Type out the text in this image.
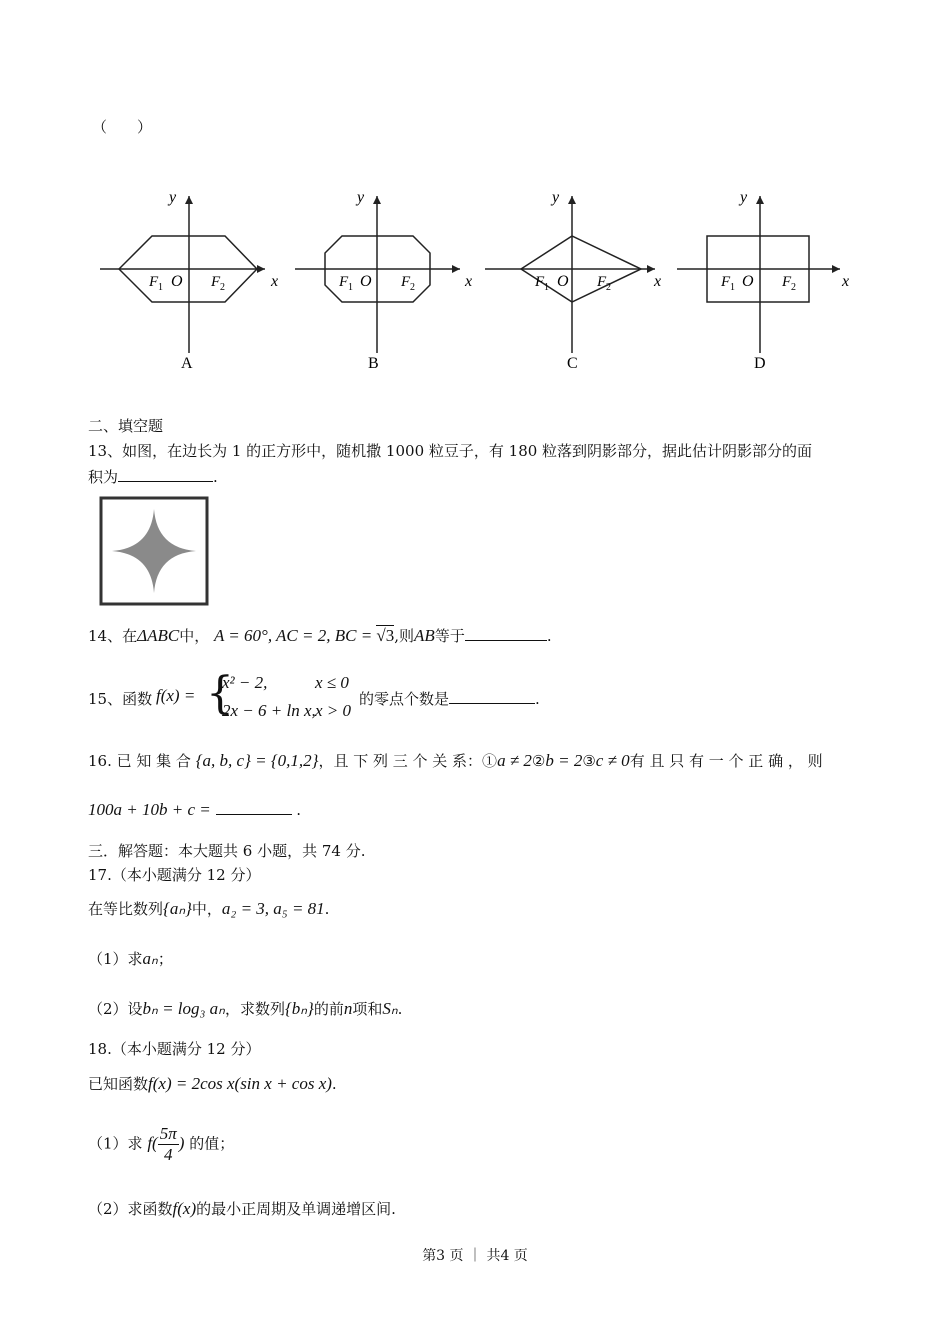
（　　）
y
x
O
F 1	F 2
A
y
x
O
F 1	F 2
B
y
x
O
F 1	F 2
C
y
x
O
F 1	F 2
D
二、填空题
13、如图，在边长为 1 的正方形中，随机撒 1000 粒豆子，有 180 粒落到阴影部分，据此估计阴影部分的面
积为	.
14、在ΔABC中， A = 60°, AC = 2, BC = √3,则AB等于	.
15、函数 f(x) = {
x² − 2,	x ≤ 0
2x − 6 + ln x, x > 0
的零点个数是	.
16. 已 知 集 合 {a, b, c} = {0,1,2}，且 下 列 三 个 关 系：①a ≠ 2②b = 2③c ≠ 0有 且 只 有 一 个 正 确 ， 则
100a + 10b + c =	.
三．解答题：本大题共 6 小题，共 74 分.
17.（本小题满分 12 分）
在等比数列{aₙ}中，a₂ = 3, a₅ = 81.
（1）求aₙ；
（2）设bₙ = log₃ aₙ，求数列{bₙ}的前n项和Sₙ.
18.（本小题满分 12 分）
已知函数f(x) = 2cos x(sin x + cos x).
（1）求 $f( \frac{5\pi}{4}$ ) 的值；
（2）求函数f(x)的最小正周期及单调递增区间.
第3 页 ｜ 共4 页
